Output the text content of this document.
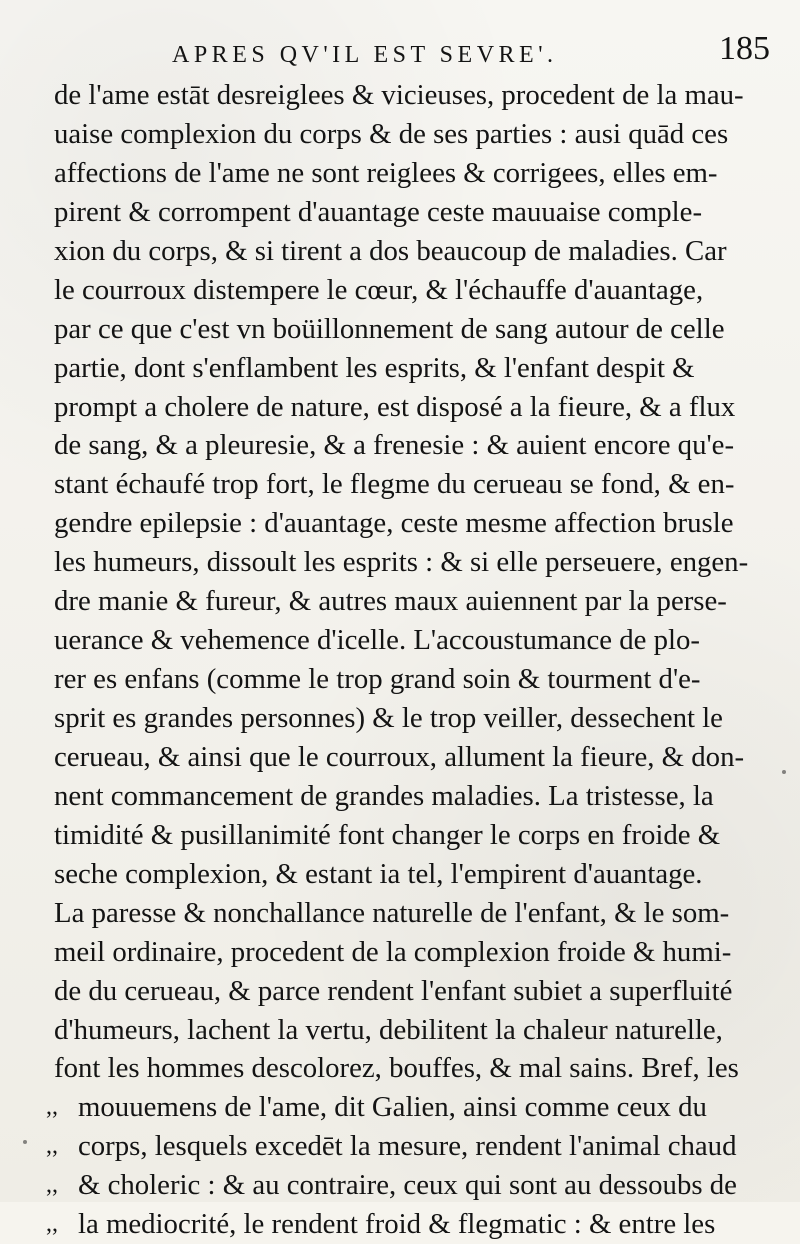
APRES QV'IL EST SEVRE'.	185
de l'ame estāt desreiglees & vicieuses, procedent de la mau-
uaise complexion du corps & de ses parties : ausi quād ces
affections de l'ame ne sont reiglees & corrigees, elles em-
pirent & corrompent d'auantage ceste mauuaise comple-
xion du corps, & si tirent a dos beaucoup de maladies. Car
le courroux distempere le cœur, & l'échauffe d'auantage,
par ce que c'est vn boüillonnement de sang autour de celle
partie, dont s'enflambent les esprits, & l'enfant despit &
prompt a cholere de nature, est disposé a la fieure, & a flux
de sang, & a pleuresie, & a frenesie : & auient encore qu'e-
stant échaufé trop fort, le flegme du cerueau se fond, & en-
gendre epilepsie : d'auantage, ceste mesme affection brusle
les humeurs, dissoult les esprits : & si elle perseuere, engen-
dre manie & fureur, & autres maux auiennent par la perse-
uerance & vehemence d'icelle. L'accoustumance de plo-
rer es enfans (comme le trop grand soin & tourment d'e-
sprit es grandes personnes) & le trop veiller, dessechent le
cerueau, & ainsi que le courroux, allument la fieure, & don-
nent commancement de grandes maladies. La tristesse, la
timidité & pusillanimité font changer le corps en froide &
seche complexion, & estant ia tel, l'empirent d'auantage.
La paresse & nonchallance naturelle de l'enfant, & le som-
meil ordinaire, procedent de la complexion froide & humi-
de du cerueau, & parce rendent l'enfant subiet a superfluité
d'humeurs, lachent la vertu, debilitent la chaleur naturelle,
font les hommes descolorez, bouffes, & mal sains. Bref, les
,, mouuemens de l'ame, dit Galien, ainsi comme ceux du
,, corps, lesquels excedēt la mesure, rendent l'animal chaud
,, & choleric : & au contraire, ceux qui sont au dessoubs de
,, la mediocrité, le rendent froid & flegmatic : & entre les
